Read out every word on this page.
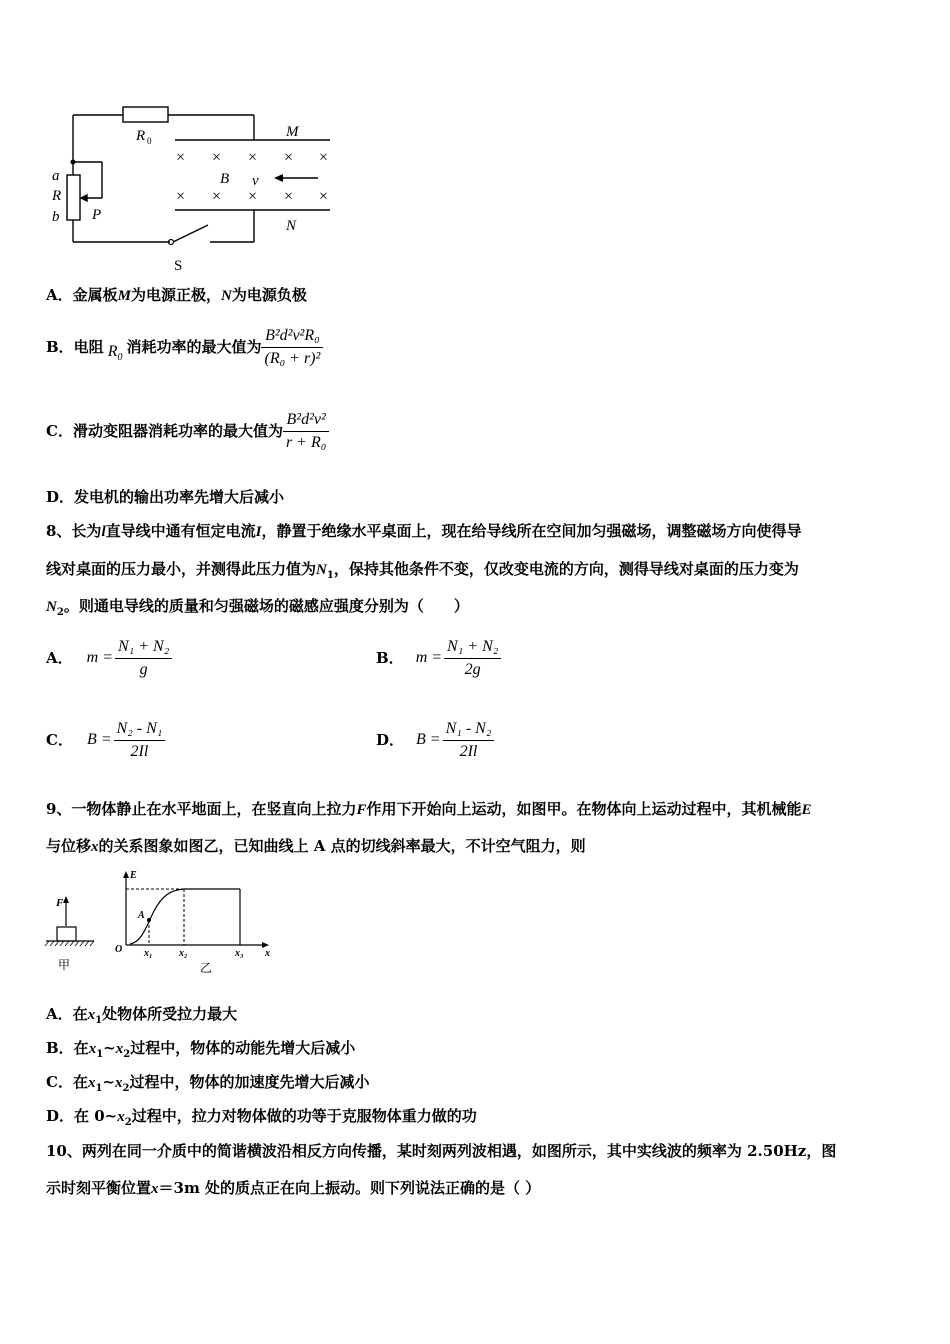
× × × × ×
× × × × ×
R 0
M
N
a
R
b P
B v
S
A．金属板M为电源正极，N为电源负极
B．电阻 $R_0$
消耗功率的最大值为 $\frac{\text{B²d²v²R₀}}{\text{(R₀ + r)²}}$
C．滑动变阻器消耗功率的最大值为 $\frac{\text{B²d²v²}}{\text{r + R₀}}$
D．发电机的输出功率先增大后减小
8、长为l直导线中通有恒定电流I，静置于绝缘水平桌面上，现在给导线所在空间加匀强磁场，调整磁场方向使得导
线对桌面的压力最小，并测得此压力值为$N_1$，保持其他条件不变，仅改变电流的方向，测得导线对桌面的压力变为
$N_2$。则通电导线的质量和匀强磁场的磁感应强度分别为（　　）
A． $m = \frac{\text{N₁ + N₂}}{g}$	B． $m = \frac{\text{N₁ + N₂}}{2g}$
C． $B = \frac{\text{N₂ - N₁}}{2Il}$	D． $B = \frac{\text{N₁ - N₂}}{2Il}$
9、一物体静止在水平地面上，在竖直向上拉力F作用下开始向上运动，如图甲。在物体向上运动过程中，其机械能E
与位移x的关系图象如图乙，已知曲线上 A 点的切线斜率最大，不计空气阻力，则
F
甲
E
O
A
x₁	x₂	x₃ x
乙
A．在$x_1$处物体所受拉力最大
B．在$x_1\sim x_2$过程中，物体的动能先增大后减小
C．在$x_1\sim x_2$过程中，物体的加速度先增大后减小
D．在 $0\sim x_2$过程中，拉力对物体做的功等于克服物体重力做的功
10、两列在同一介质中的简谐横波沿相反方向传播，某时刻两列波相遇，如图所示，其中实线波的频率为 2.50Hz，图
示时刻平衡位置x＝3m 处的质点正在向上振动。则下列说法正确的是（ ）
